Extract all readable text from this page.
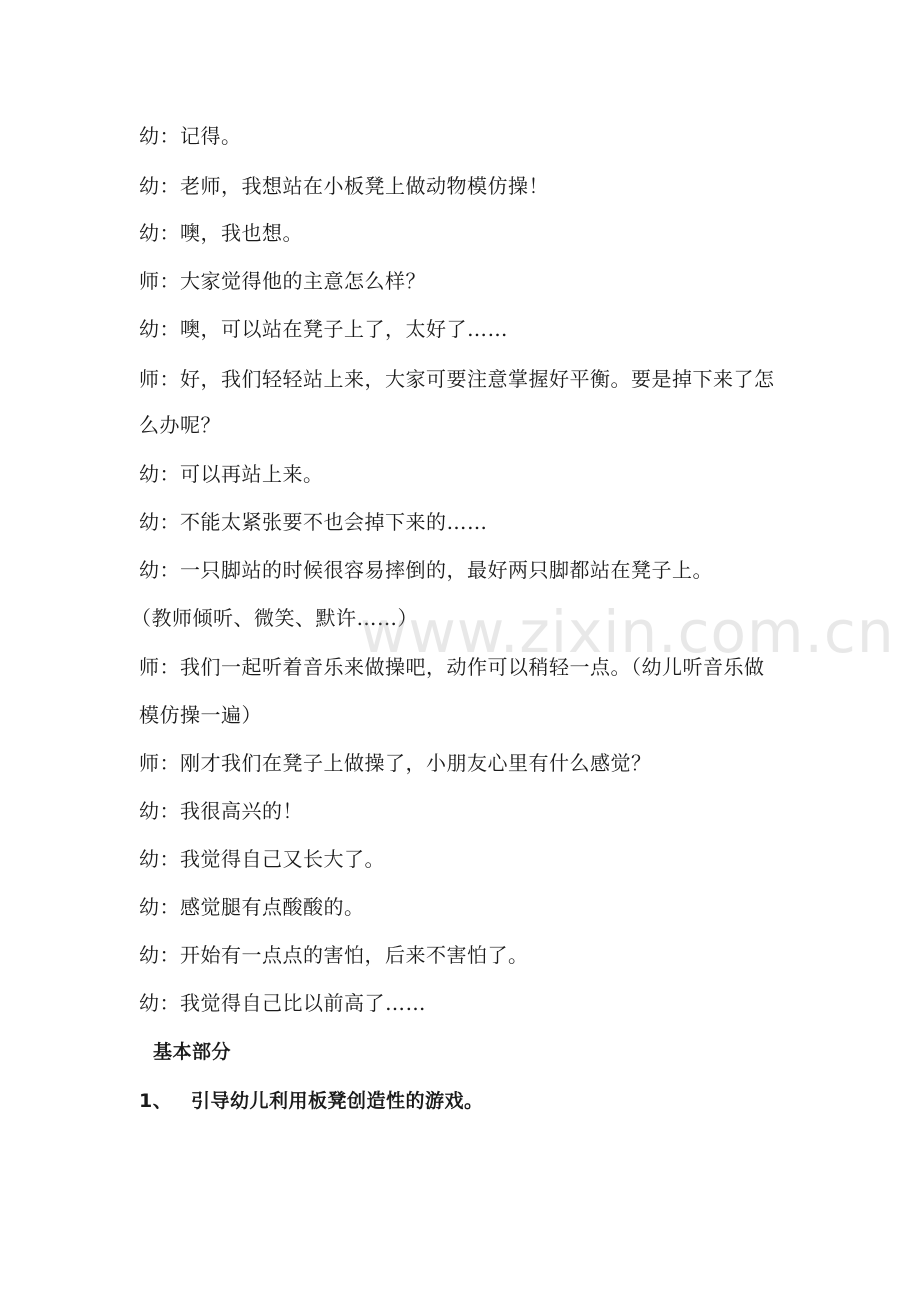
幼：记得。
幼：老师，我想站在小板凳上做动物模仿操！
幼：噢，我也想。
师：大家觉得他的主意怎么样？
幼：噢，可以站在凳子上了，太好了……
师：好，我们轻轻站上来，大家可要注意掌握好平衡。要是掉下来了怎
么办呢？
幼：可以再站上来。
幼：不能太紧张要不也会掉下来的……
幼：一只脚站的时候很容易摔倒的，最好两只脚都站在凳子上。
（教师倾听、微笑、默许……）
师：我们一起听着音乐来做操吧，动作可以稍轻一点。（幼儿听音乐做
模仿操一遍）
师：刚才我们在凳子上做操了，小朋友心里有什么感觉？
幼：我很高兴的！
幼：我觉得自己又长大了。
幼：感觉腿有点酸酸的。
幼：开始有一点点的害怕，后来不害怕了。
幼：我觉得自己比以前高了……
基本部分
1、 引导幼儿利用板凳创造性的游戏。
www.zixin.com.cn
